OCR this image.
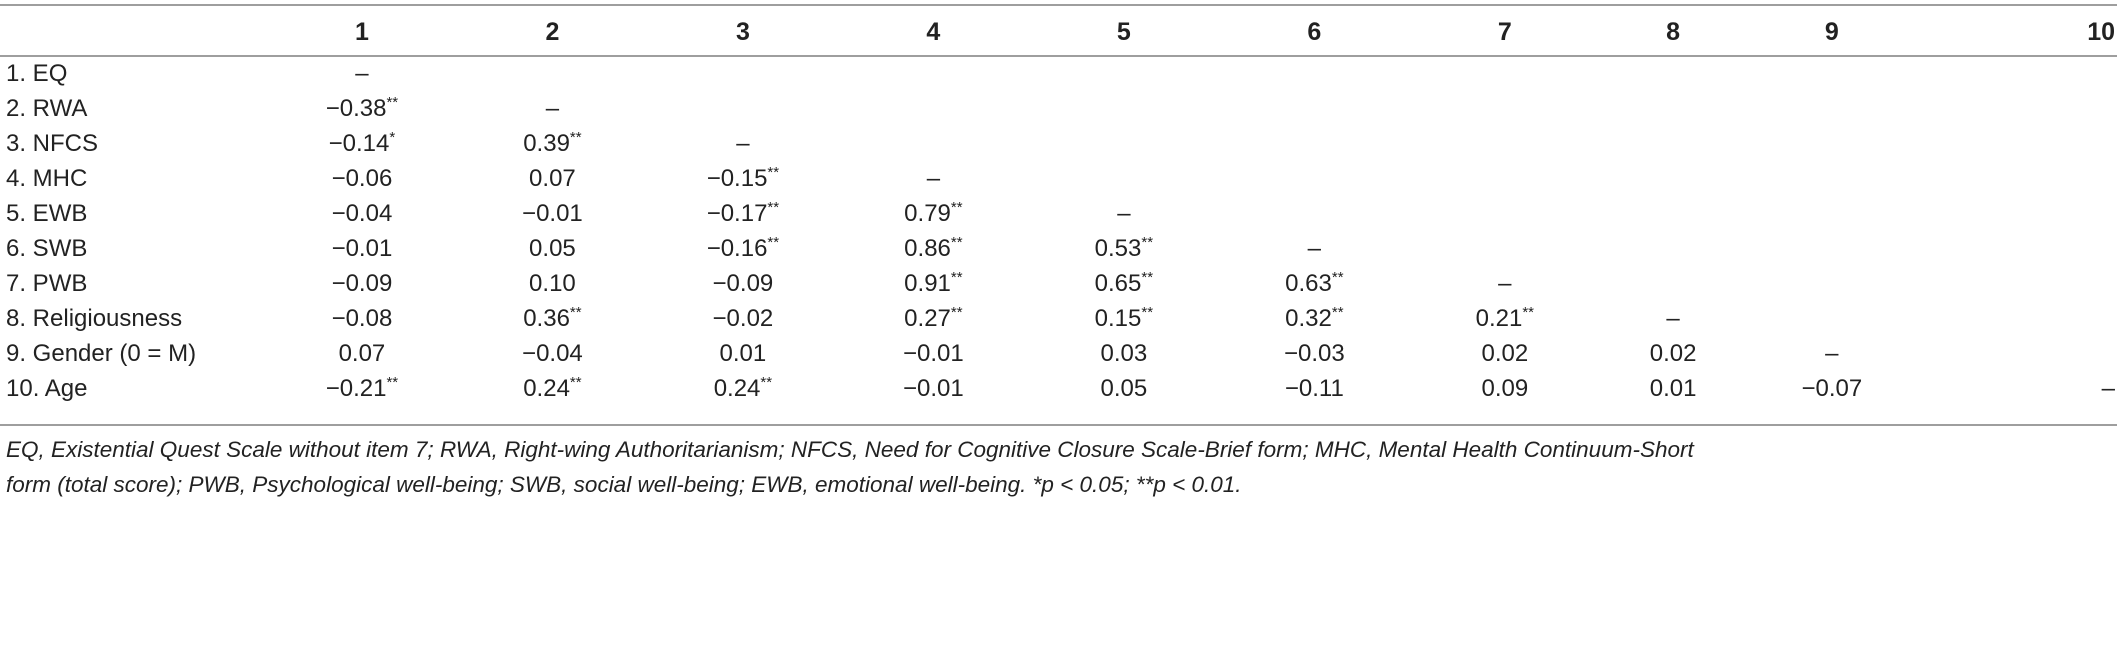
	1	2	3	4	5	6	7	8	9	10

1. EQ	–									
2. RWA	−0.38**	–								
3. NFCS	−0.14*	0.39**	–							
4. MHC	−0.06	0.07	−0.15**	–						
5. EWB	−0.04	−0.01	−0.17**	0.79**	–					
6. SWB	−0.01	0.05	−0.16**	0.86**	0.53**	–				
7. PWB	−0.09	0.10	−0.09	0.91**	0.65**	0.63**	–			
8. Religiousness	−0.08	0.36**	−0.02	0.27**	0.15**	0.32**	0.21**	–		
9. Gender (0 = M)	0.07	−0.04	0.01	−0.01	0.03	−0.03	0.02	0.02	–	
10. Age	−0.21**	0.24**	0.24**	−0.01	0.05	−0.11	0.09	0.01	−0.07	–
EQ, Existential Quest Scale without item 7; RWA, Right-wing Authoritarianism; NFCS, Need for Cognitive Closure Scale-Brief form; MHC, Mental Health Continuum-Short
form (total score); PWB, Psychological well-being; SWB, social well-being; EWB, emotional well-being. *p < 0.05; **p < 0.01.
